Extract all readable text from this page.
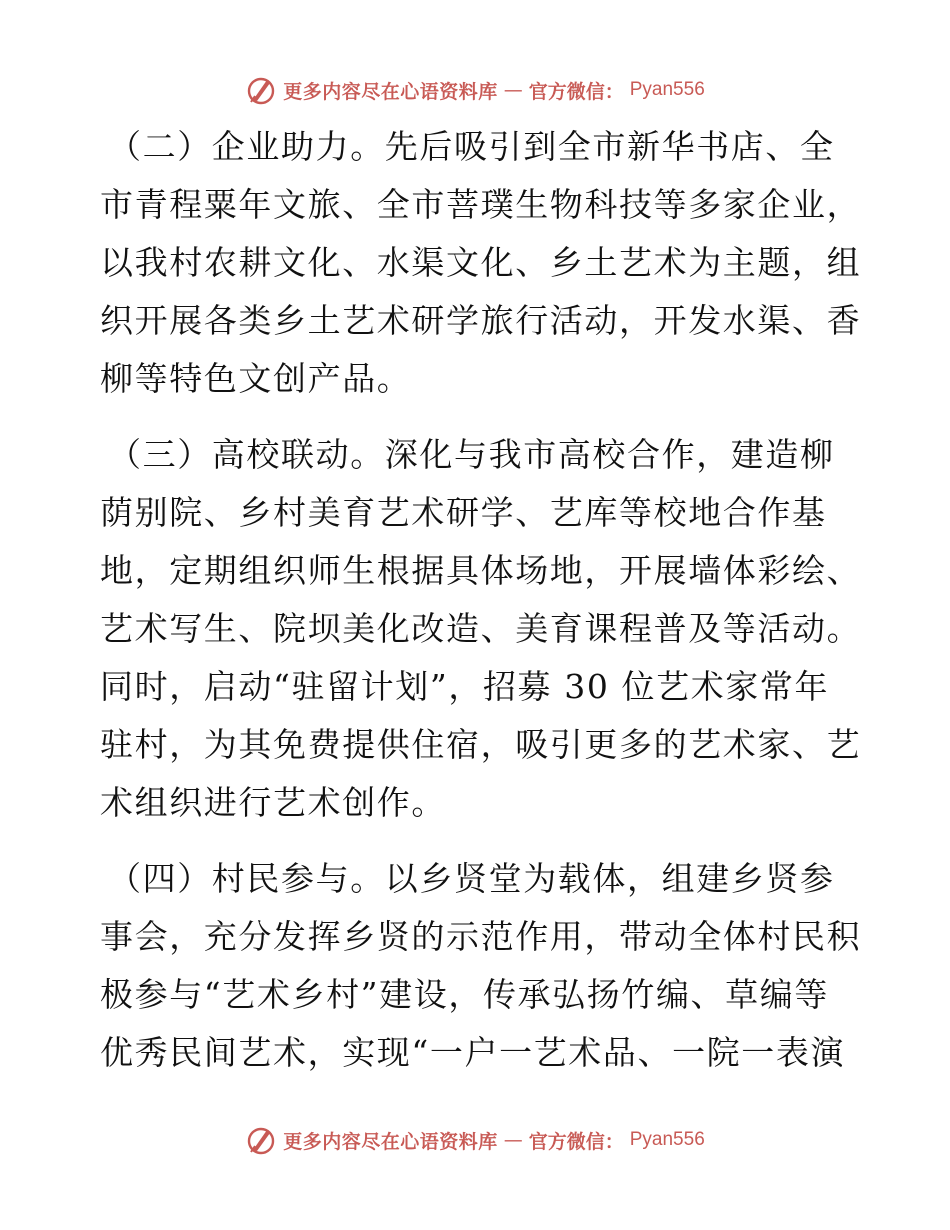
更多内容尽在心语资料库 — 官方微信： Pyan556
（二）企业助力。先后吸引到全市新华书店、全
市青程粟年文旅、全市菩璞生物科技等多家企业，
以我村农耕文化、水渠文化、乡土艺术为主题，组
织开展各类乡土艺术研学旅行活动，开发水渠、香
柳等特色文创产品。
（三）高校联动。深化与我市高校合作，建造柳
荫别院、乡村美育艺术研学、艺库等校地合作基
地，定期组织师生根据具体场地，开展墙体彩绘、
艺术写生、院坝美化改造、美育课程普及等活动。
同时，启动“驻留计划”，招募 30 位艺术家常年
驻村，为其免费提供住宿，吸引更多的艺术家、艺
术组织进行艺术创作。
（四）村民参与。以乡贤堂为载体，组建乡贤参
事会，充分发挥乡贤的示范作用，带动全体村民积
极参与“艺术乡村”建设，传承弘扬竹编、草编等
优秀民间艺术，实现“一户一艺术品、一院一表演
更多内容尽在心语资料库 — 官方微信： Pyan556
